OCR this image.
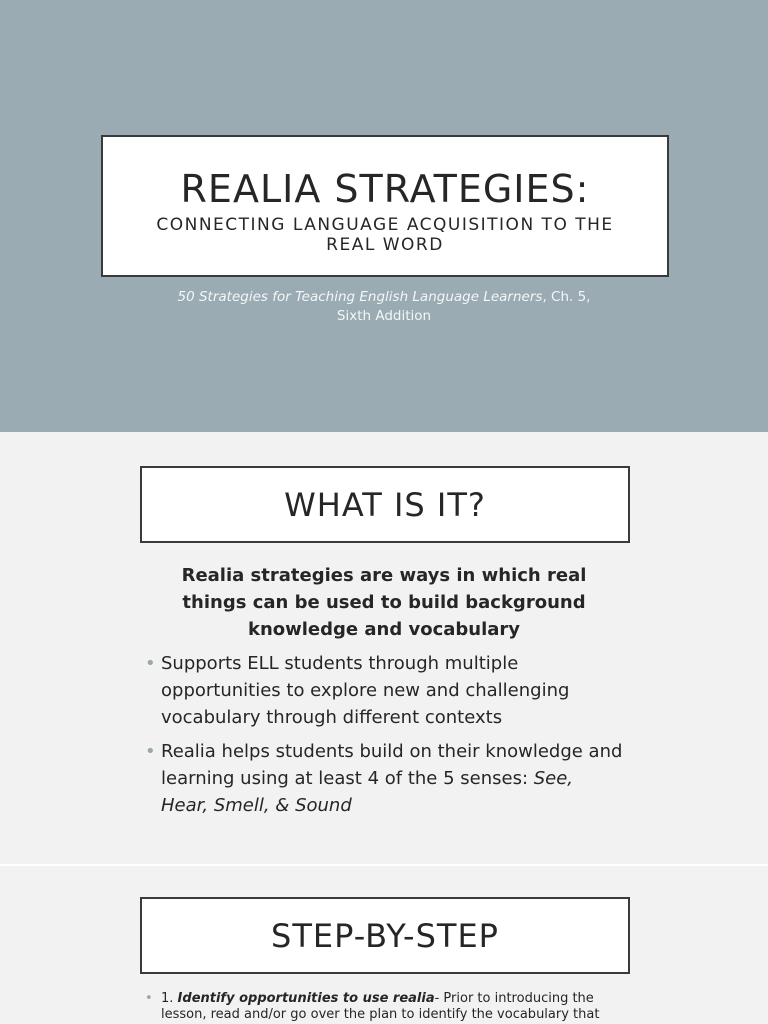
REALIA STRATEGIES:
CONNECTING LANGUAGE ACQUISITION TO THE REAL WORD
50 Strategies for Teaching English Language Learners, Ch. 5, Sixth Addition
WHAT IS IT?
Realia strategies are ways in which real things can be used to build background knowledge and vocabulary
• Supports ELL students through multiple opportunities to explore new and challenging vocabulary through different contexts
• Realia helps students build on their knowledge and learning using at least 4 of the 5 senses: See, Hear, Smell, & Sound
STEP-BY-STEP
• 1. Identify opportunities to use realia- Prior to introducing the lesson, read and/or go over the plan to identify the vocabulary that
